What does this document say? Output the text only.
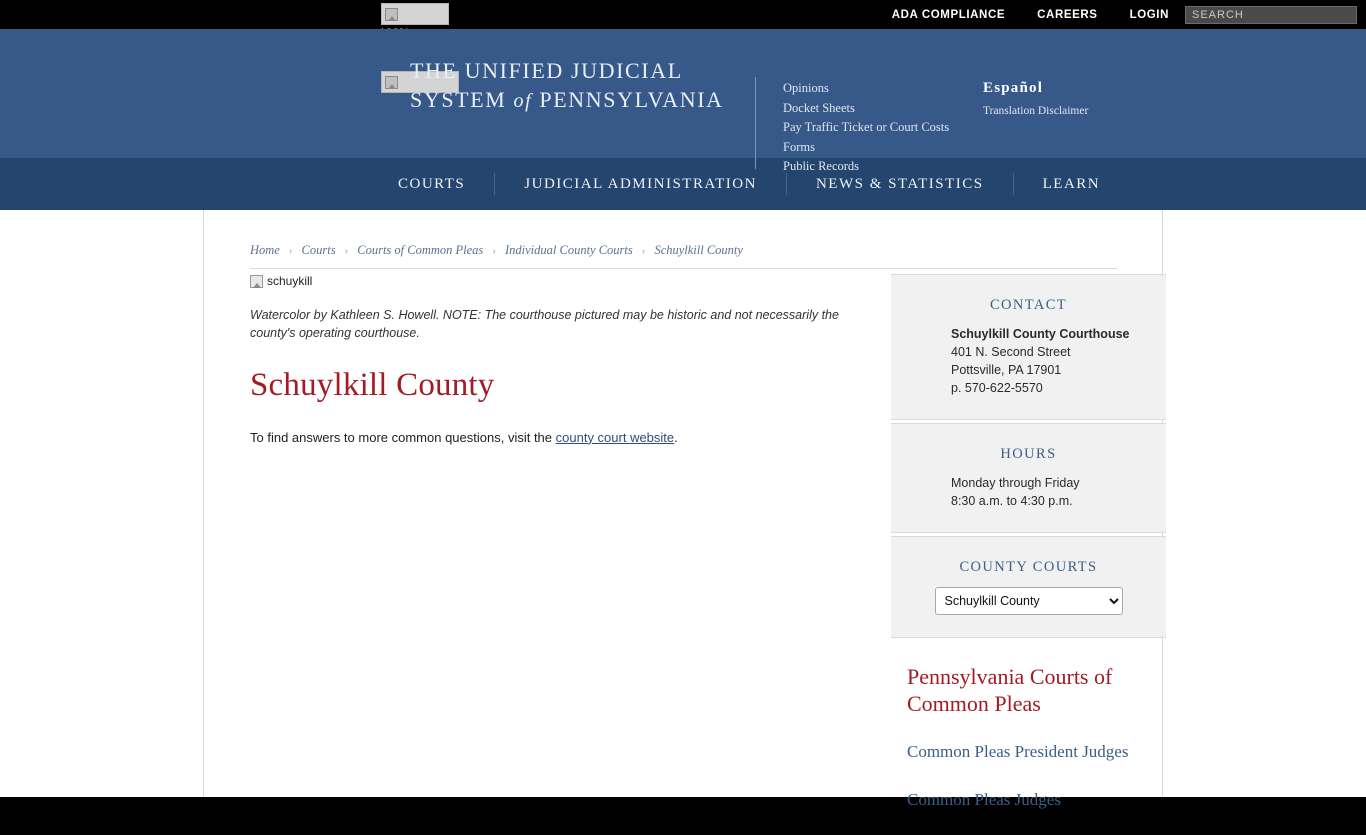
ADA COMPLIANCE	CAREERS	LOGIN
SEARCH
THE UNIFIED JUDICIAL
SYSTEM of PENNSYLVANIA	Opinions
Docket Sheets
Pay Traffic Ticket or Court Costs
Forms
Public Records
Español
Translation Disclaimer
COURTS	JUDICIAL ADMINISTRATION	NEWS & STATISTICS	LEARN
Home › Courts › Courts of Common Pleas › Individual County Courts › Schuylkill County
schuykill
Watercolor by Kathleen S. Howell. NOTE: The courthouse pictured may be historic and not necessarily the county's operating courthouse.
Schuylkill County

To find answers to more common questions, visit the county court website.

CONTACT
Schuylkill County Courthouse
401 N. Second Street
Pottsville, PA 17901
p. 570-622-5570
HOURS
Monday through Friday
8:30 a.m. to 4:30 p.m.
COUNTY COURTS
Schuylkill County
Pennsylvania Courts of Common Pleas
Common Pleas President Judges
Common Pleas Judges
